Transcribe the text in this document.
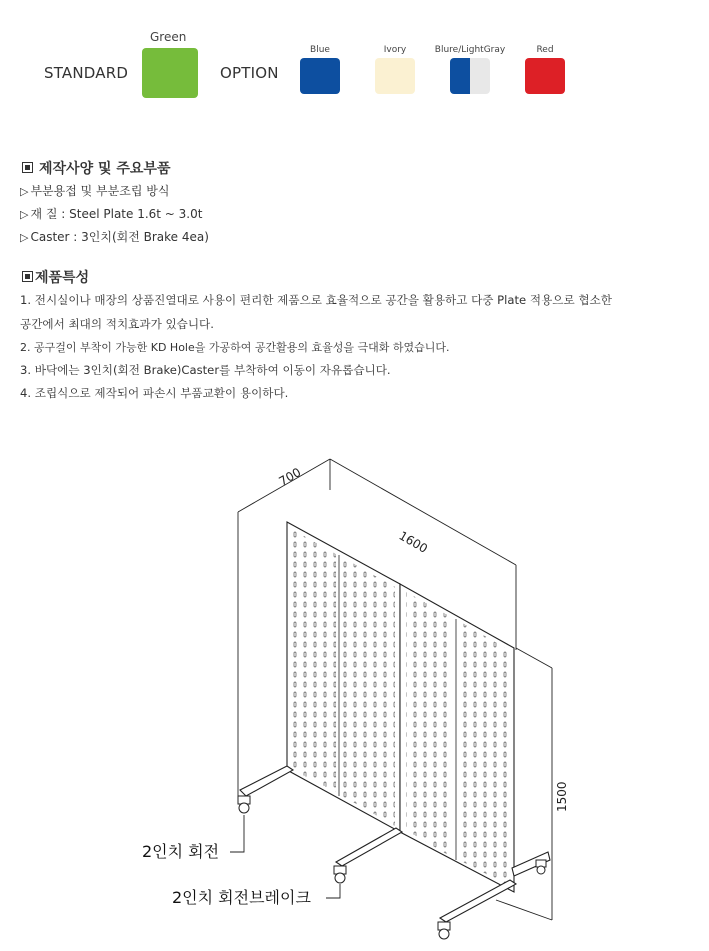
Green
STANDARD	OPTION
Blue	Ivory	Blure/LightGray	Red
제작사양 및 주요부품
▷ 부분용접 및 부분조립 방식
▷ 재 질 : Steel Plate 1.6t ~ 3.0t
▷ Caster : 3인치(회전 Brake 4ea)
제품특성
1. 전시실이나 매장의 상품진열대로 사용이 편리한 제품으로 효율적으로 공간을 활용하고 다중 Plate 적용으로 협소한
공간에서 최대의 적치효과가 있습니다.
2. 공구걸이 부착이 가능한 KD Hole을 가공하여 공간활용의 효율성을 극대화 하였습니다.
3. 바닥에는 3인치(회전 Brake)Caster를 부착하여 이동이 자유롭습니다.
4. 조립식으로 제작되어 파손시 부품교환이 용이하다.
700
1600
1500
2인치 회전
2인치 회전브레이크
